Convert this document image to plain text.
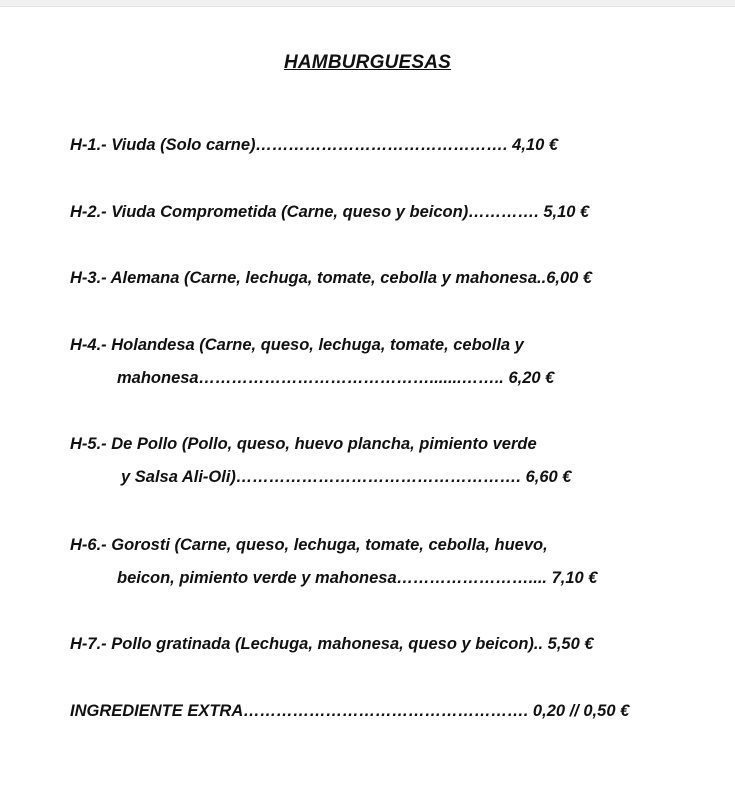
HAMBURGUESAS
H-1.- Viuda (Solo carne)………………………………………. 4,10 €
H-2.- Viuda Comprometida (Carne, queso y beicon)…………. 5,10 €
H-3.- Alemana (Carne, lechuga, tomate, cebolla y mahonesa..6,00 €
H-4.- Holandesa (Carne, queso, lechuga, tomate, cebolla y
mahonesa…………………………………….......…….. 6,20 €
H-5.- De Pollo (Pollo, queso, huevo plancha, pimiento verde
y Salsa Ali-Oli)……………………………………………. 6,60 €
H-6.- Gorosti (Carne, queso, lechuga, tomate, cebolla, huevo,
beicon, pimiento verde y mahonesa…………………….... 7,10 €
H-7.- Pollo gratinada (Lechuga, mahonesa, queso y beicon).. 5,50 €
INGREDIENTE EXTRA……………………………………………. 0,20 // 0,50 €
